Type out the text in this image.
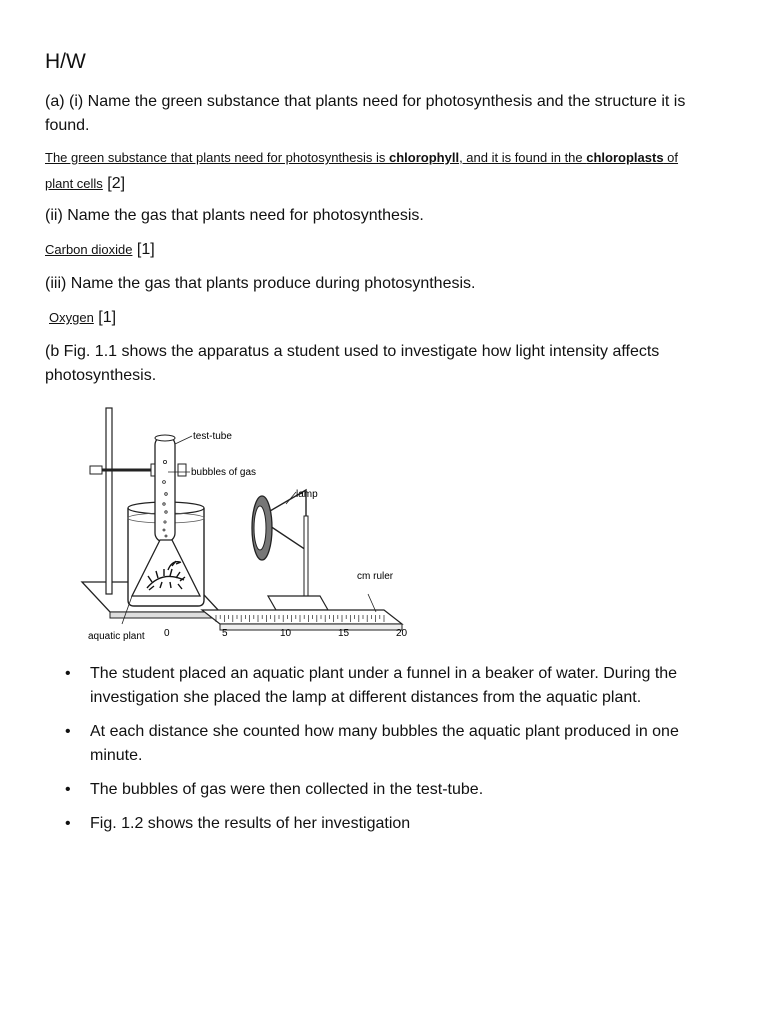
H/W

(a) (i) Name the green substance that plants need for photosynthesis and the structure it is found.

The green substance that plants need for photosynthesis is chlorophyll, and it is found in the chloroplasts of
plant cells [2]

(ii) Name the gas that plants need for photosynthesis.

Carbon dioxide [1]

(iii) Name the gas that plants produce during photosynthesis.

Oxygen [1]

(b Fig. 1.1 shows the apparatus a student used to investigate how light intensity affects photosynthesis.

test-tube
bubbles of gas
lamp
cm ruler
aquatic plant 0	5	10	15	20
• The student placed an aquatic plant under a funnel in a beaker of water. During the investigation she placed the lamp at different distances from the aquatic plant.
• At each distance she counted how many bubbles the aquatic plant produced in one minute.
• The bubbles of gas were then collected in the test-tube.
• Fig. 1.2 shows the results of her investigation
